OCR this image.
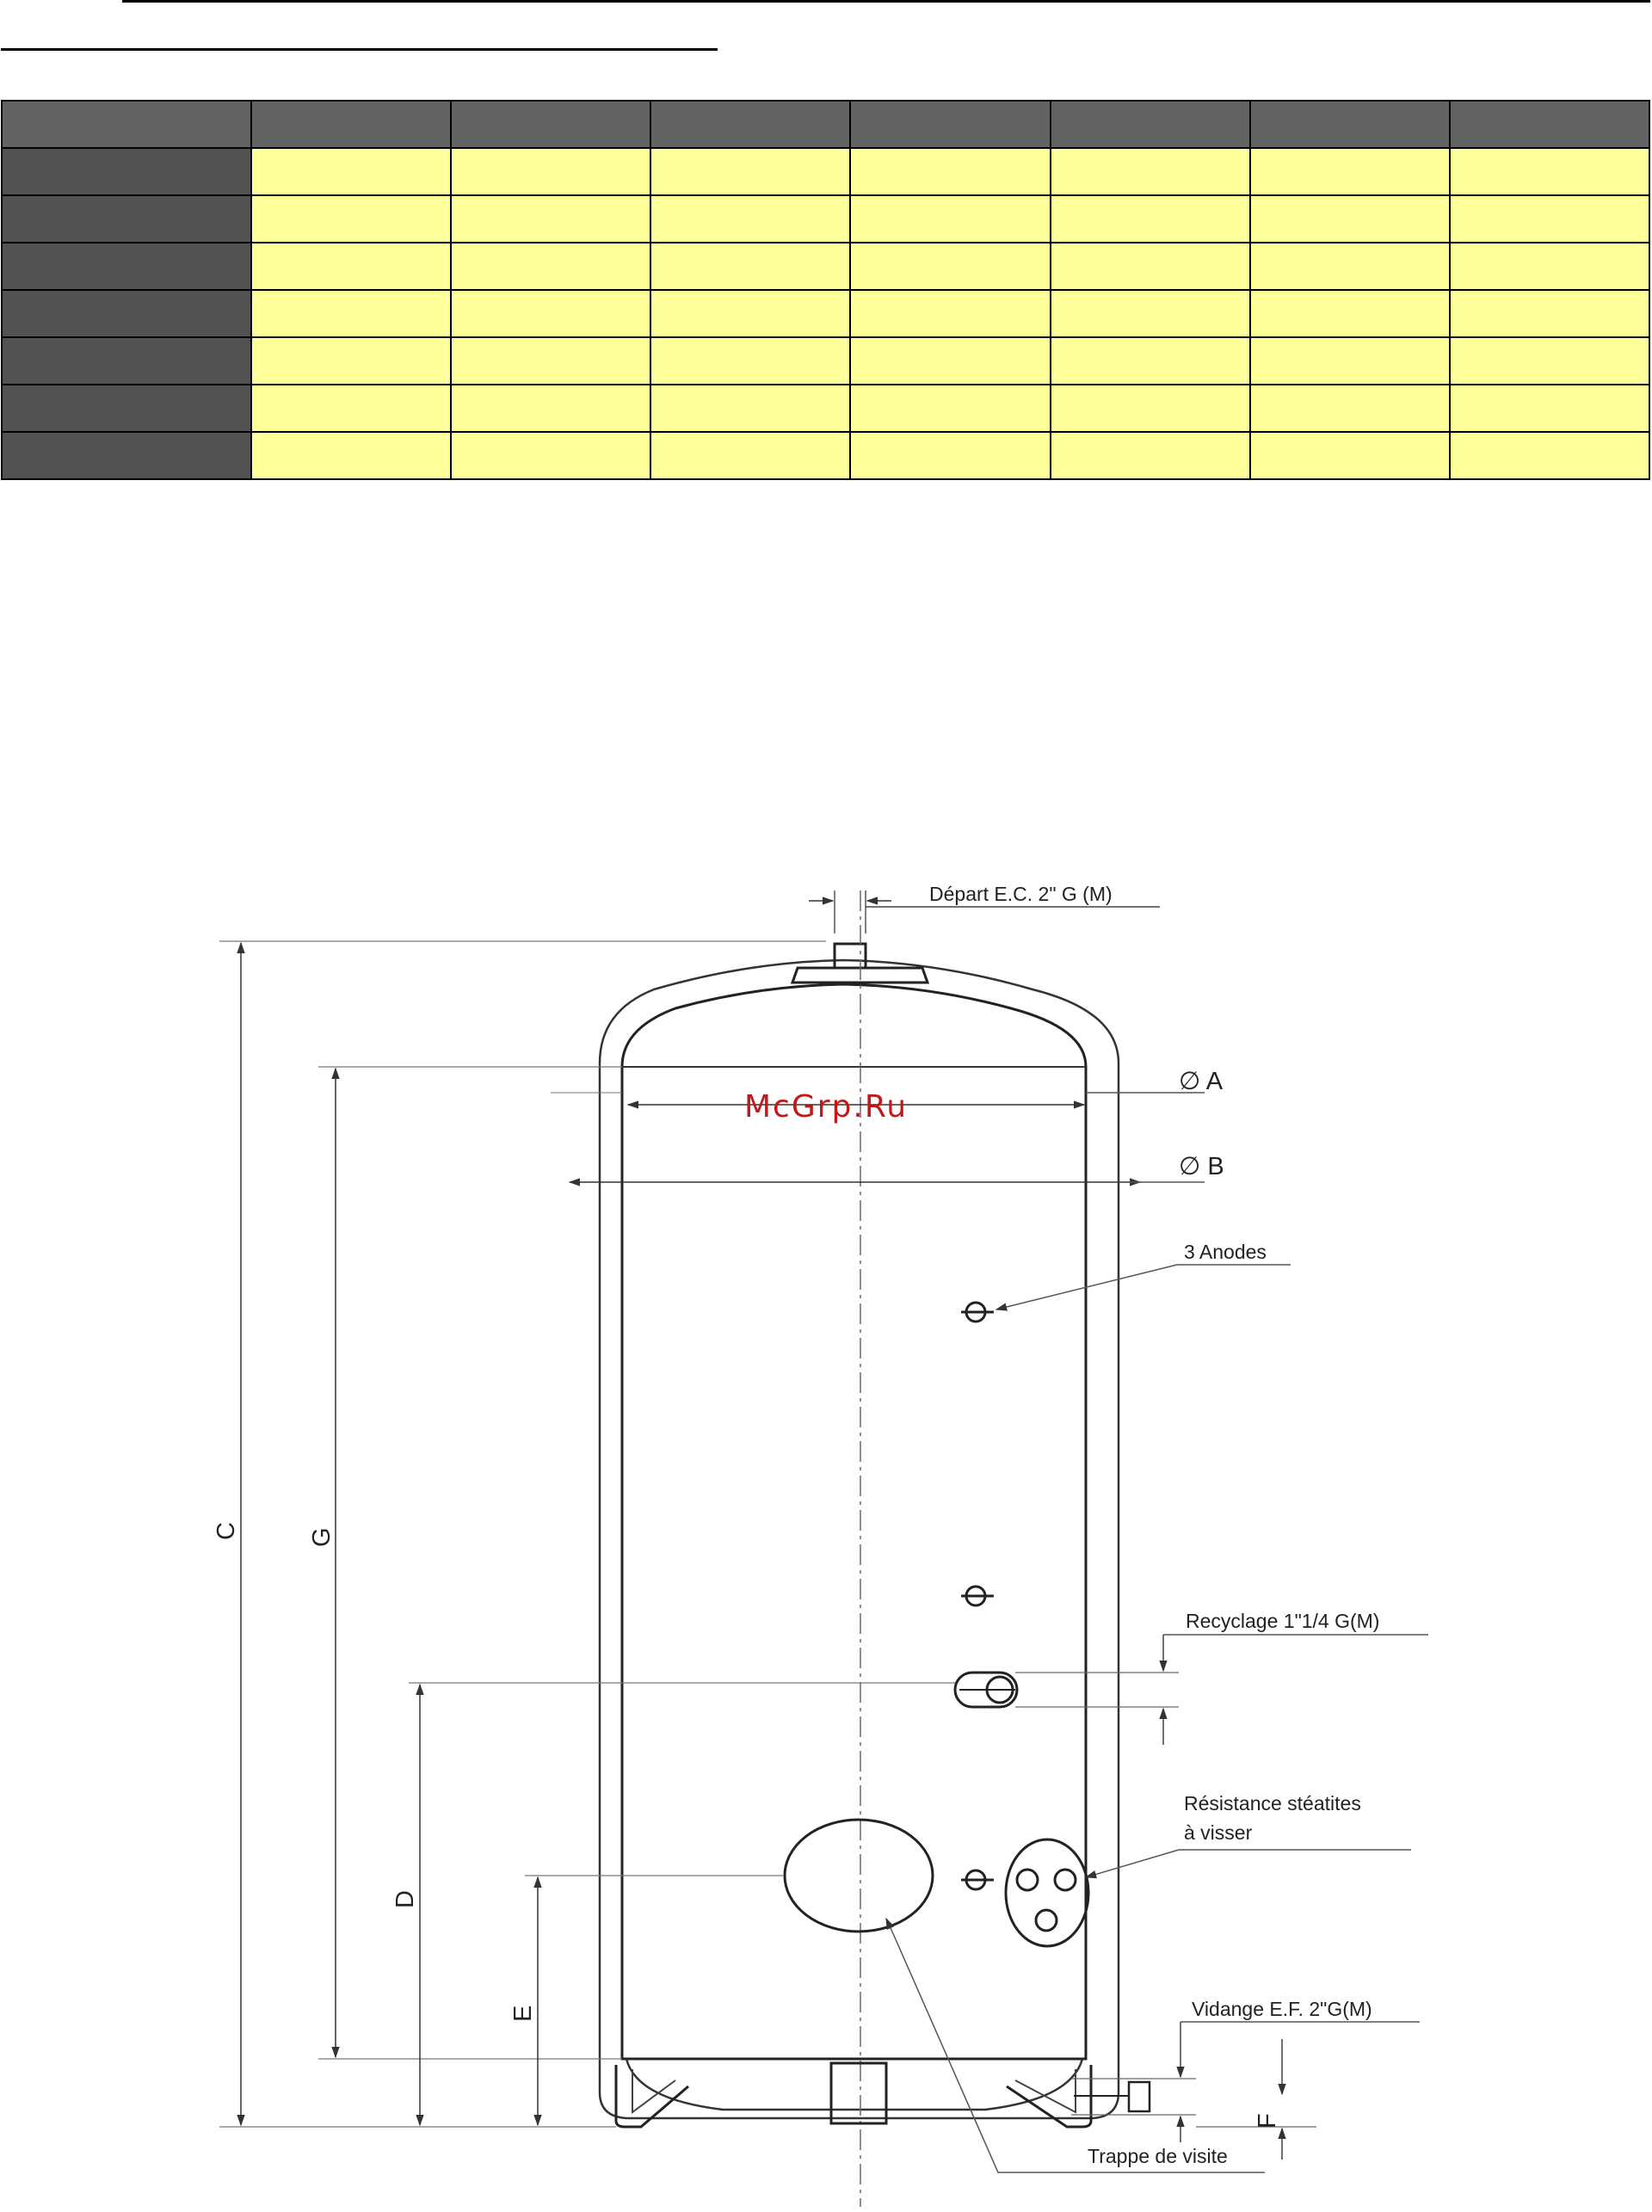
Départ E.C. 2" G (M)
∅ A
∅ B
McGrp.Ru
3 Anodes
Recyclage 1"1/4 G(M)
Résistance stéatites
à visser
Trappe de visite
Vidange E.F. 2"G(M)
F
C	G
D
E
